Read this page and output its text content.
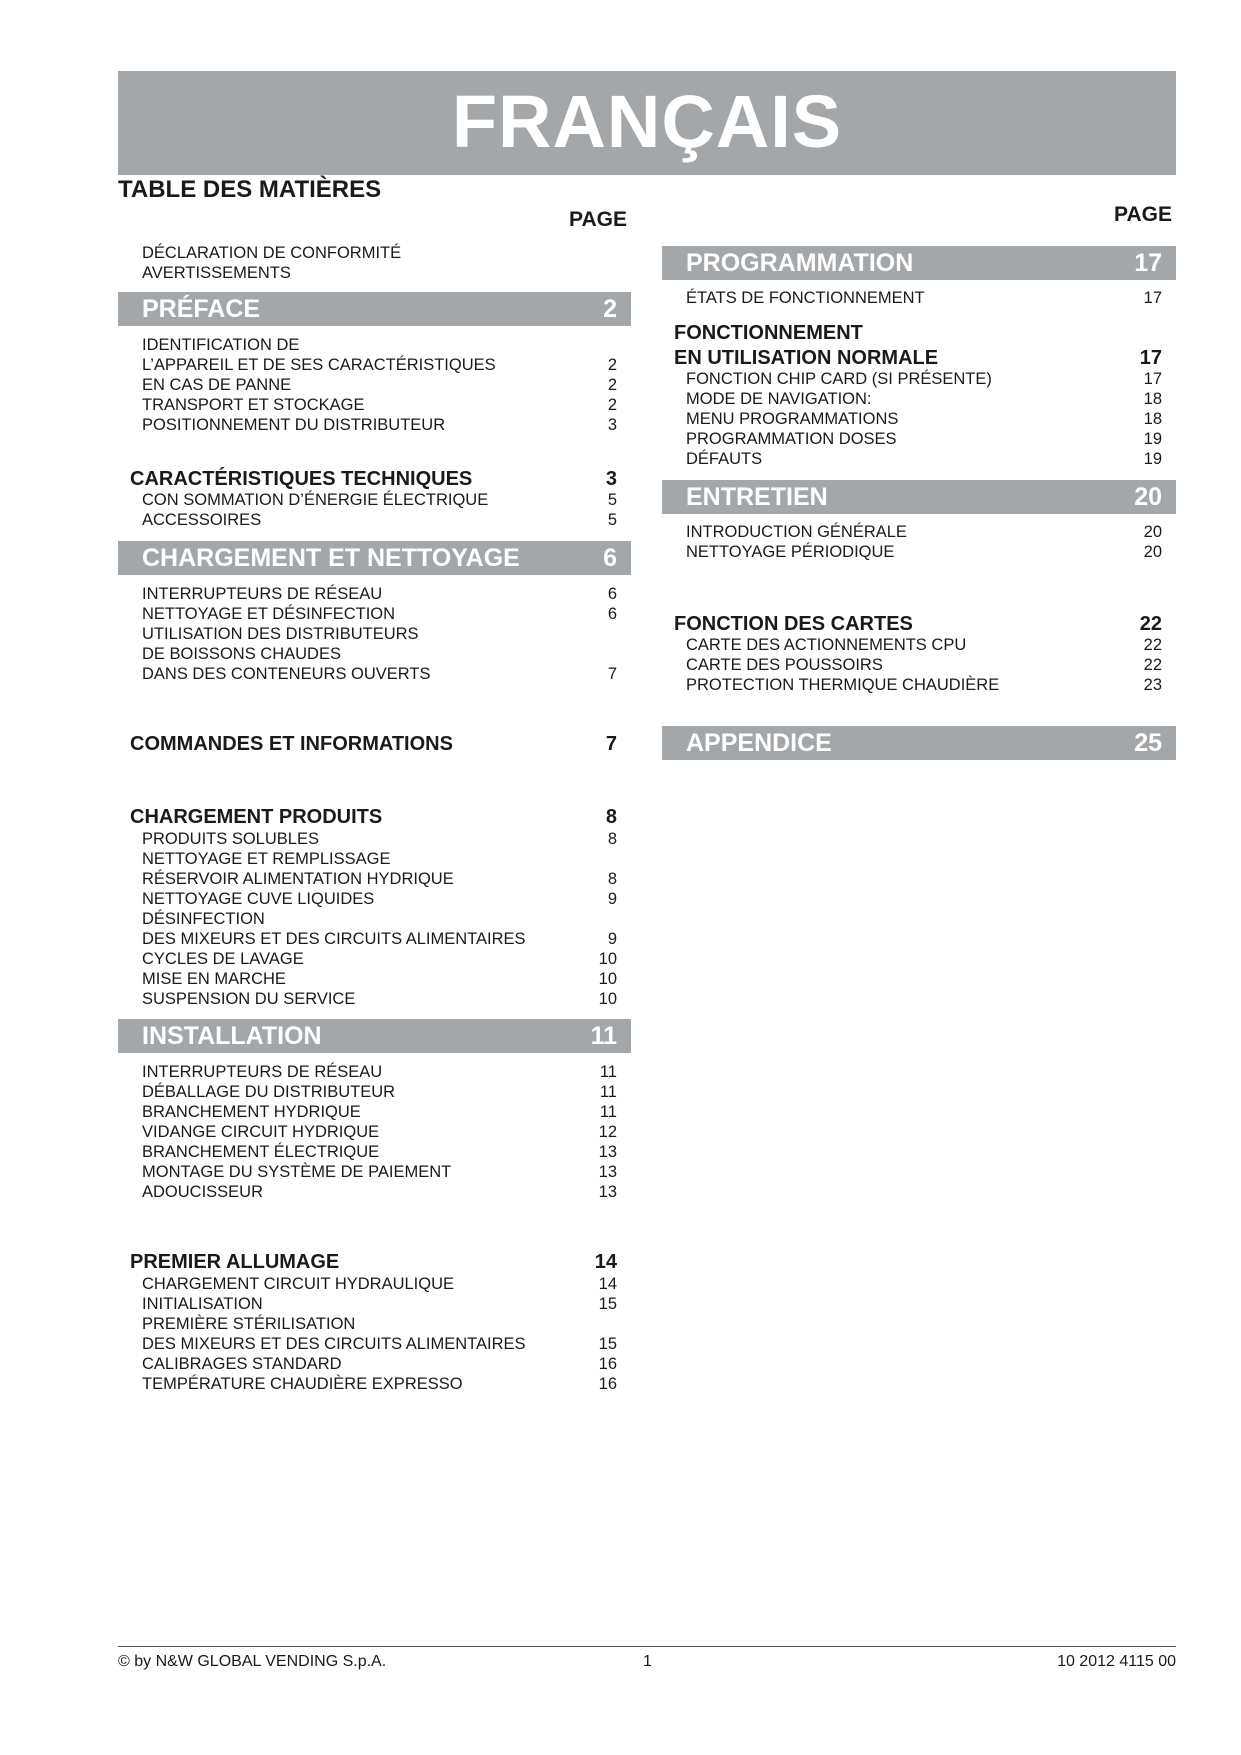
FRANÇAIS
TABLE DES MATIÈRES
PAGE	PAGE
DÉCLARATION DE CONFORMITÉ
AVERTISSEMENTS
PRÉFACE	2
IDENTIFICATION DE
L’APPAREIL ET DE SES CARACTÉRISTIQUES	2
EN CAS DE PANNE	2
TRANSPORT ET STOCKAGE	2
POSITIONNEMENT DU DISTRIBUTEUR	3
CARACTÉRISTIQUES TECHNIQUES	3
CON SOMMATION D’ÉNERGIE ÉLECTRIQUE	5
ACCESSOIRES	5
CHARGEMENT ET NETTOYAGE	6
INTERRUPTEURS DE RÉSEAU	6
NETTOYAGE ET DÉSINFECTION	6
UTILISATION DES DISTRIBUTEURS
DE BOISSONS CHAUDES
DANS DES CONTENEURS OUVERTS	7
COMMANDES ET INFORMATIONS	7
CHARGEMENT PRODUITS	8
PRODUITS SOLUBLES	8
NETTOYAGE ET REMPLISSAGE
RÉSERVOIR ALIMENTATION HYDRIQUE	8
NETTOYAGE CUVE LIQUIDES	9
DÉSINFECTION
DES MIXEURS ET DES CIRCUITS ALIMENTAIRES	9
CYCLES DE LAVAGE	10
MISE EN MARCHE	10
SUSPENSION DU SERVICE	10
INSTALLATION	11
INTERRUPTEURS DE RÉSEAU	11
DÉBALLAGE DU DISTRIBUTEUR	11
BRANCHEMENT HYDRIQUE	11
VIDANGE CIRCUIT HYDRIQUE	12
BRANCHEMENT ÉLECTRIQUE	13
MONTAGE DU SYSTÈME DE PAIEMENT	13
ADOUCISSEUR	13
PREMIER ALLUMAGE	14
CHARGEMENT CIRCUIT HYDRAULIQUE	14
INITIALISATION	15
PREMIÈRE STÉRILISATION
DES MIXEURS ET DES CIRCUITS ALIMENTAIRES	15
CALIBRAGES STANDARD	16
TEMPÉRATURE CHAUDIÈRE EXPRESSO	16
PROGRAMMATION	17
ÉTATS DE FONCTIONNEMENT	17
FONCTIONNEMENT
EN UTILISATION NORMALE	17
FONCTION CHIP CARD (SI PRÉSENTE)	17
MODE DE NAVIGATION:	18
MENU PROGRAMMATIONS	18
PROGRAMMATION DOSES	19
DÉFAUTS	19
ENTRETIEN	20
INTRODUCTION GÉNÉRALE	20
NETTOYAGE PÉRIODIQUE	20
FONCTION DES CARTES	22
CARTE DES ACTIONNEMENTS CPU	22
CARTE DES POUSSOIRS	22
PROTECTION THERMIQUE CHAUDIÈRE	23
APPENDICE	25
© by N&W GLOBAL VENDING S.p.A.	1	10 2012 4115 00
